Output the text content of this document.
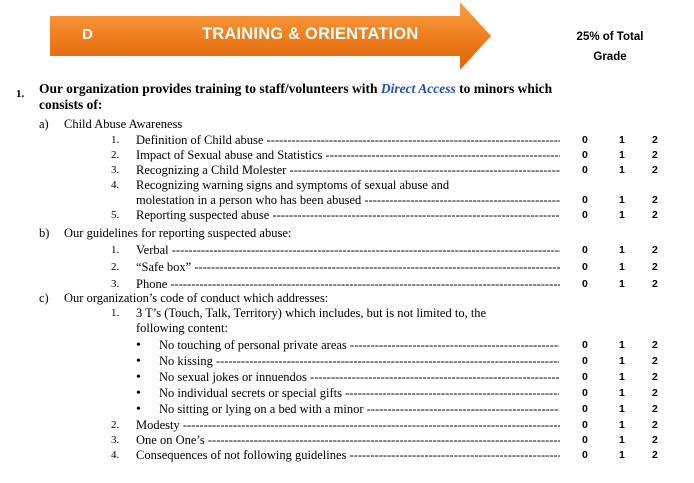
D	TRAINING & ORIENTATION	25% of Total
Grade
1. Our organization provides training to staff/volunteers with Direct Access to minors which consists of:
a) Child Abuse Awareness
1. Definition of Child abuse -----	0	1	2
2. Impact of Sexual abuse and Statistics -----	0	1	2
3. Recognizing a Child Molester -----	0	1	2
4. Recognizing warning signs and symptoms of sexual abuse and
molestation in a person who has been abused -----	0	1	2
5. Reporting suspected abuse -----	0	1	2
b) Our guidelines for reporting suspected abuse:
1. Verbal -----	0	1	2
2. “Safe box” -----	0	1	2
3. Phone -----	0	1	2
c) Our organization’s code of conduct which addresses:
1. 3 T’s (Touch, Talk, Territory) which includes, but is not limited to, the
following content:
• No touching of personal private areas -----	0	1	2
• No kissing -----	0	1	2
• No sexual jokes or innuendos -----	0	1	2
• No individual secrets or special gifts -----	0	1	2
• No sitting or lying on a bed with a minor -----	0	1	2
2. Modesty -----	0	1	2
3. One on One’s -----	0	1	2
4. Consequences of not following guidelines -----	0	1	2
